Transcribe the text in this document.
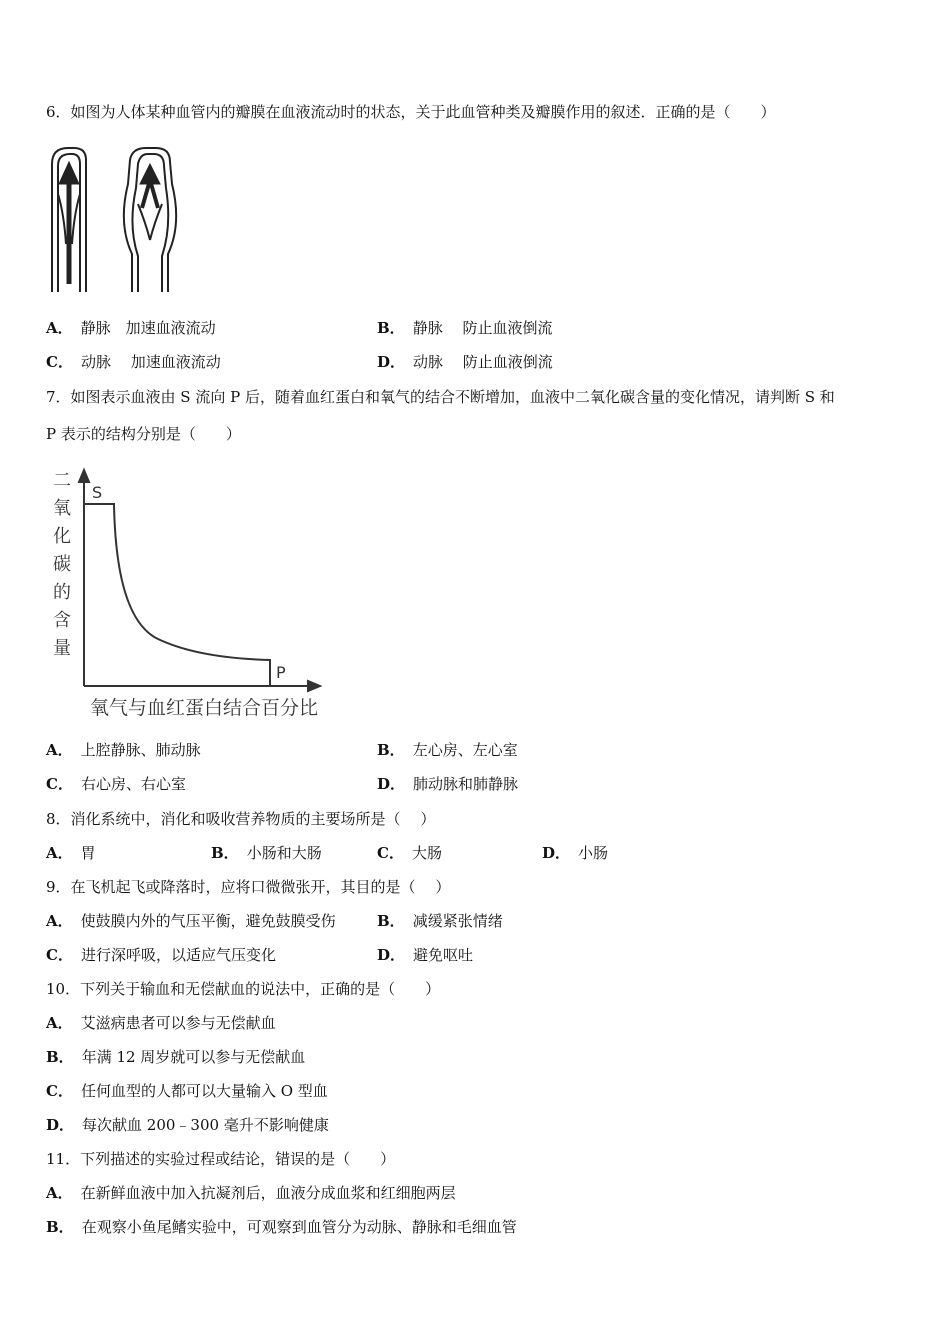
6．如图为人体某种血管内的瓣膜在血液流动时的状态，关于此血管种类及瓣膜作用的叙述．正确的是（　　）
A． 静脉　加速血液流动	B． 静脉　 防止血液倒流
C． 动脉　 加速血液流动	D． 动脉　 防止血液倒流
7．如图表示血液由 S 流向 P 后，随着血红蛋白和氧气的结合不断增加，血液中二氧化碳含量的变化情况，请判断 S 和
P 表示的结构分别是（　　）
二
氧
化
碳
的
含
量
S
P
氧气与血红蛋白结合百分比
A． 上腔静脉、肺动脉	B． 左心房、左心室
C． 右心房、右心室	D． 肺动脉和肺静脉
8．消化系统中，消化和吸收营养物质的主要场所是（　 ）
A． 胃	B． 小肠和大肠	C． 大肠	D． 小肠
9．在飞机起飞或降落时，应将口微微张开，其目的是（　 ）
A． 使鼓膜内外的气压平衡，避免鼓膜受伤	B． 减缓紧张情绪
C． 进行深呼吸，以适应气压变化	D． 避免呕吐
10．下列关于输血和无偿献血的说法中，正确的是（　　）
A． 艾滋病患者可以参与无偿献血
B． 年满 12 周岁就可以参与无偿献血
C． 任何血型的人都可以大量输入 O 型血
D． 每次献血 200﹣300 毫升不影响健康
11．下列描述的实验过程或结论，错误的是（　　）
A． 在新鲜血液中加入抗凝剂后，血液分成血浆和红细胞两层
B． 在观察小鱼尾鳍实验中，可观察到血管分为动脉、静脉和毛细血管
